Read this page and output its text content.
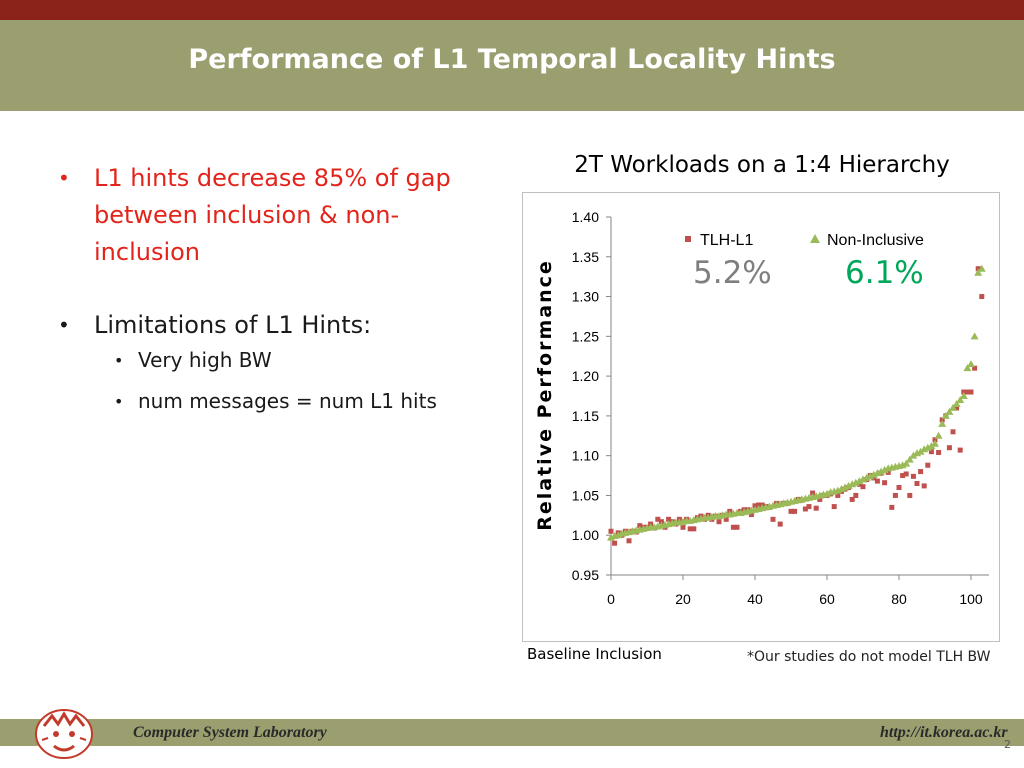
Performance of L1 Temporal Locality Hints
• L1 hints decrease 85% of gap between inclusion & non-inclusion
• Limitations of L1 Hints:
• Very high BW
• num messages = num L1 hits
2T Workloads on a 1:4 Hierarchy
0.95
1.00
1.05
1.10
1.15
1.20
1.25
1.30
1.35
1.40
0	20	40	60	80	100
TLH-L1	Non-Inclusive
Relative Performance	5.2% 6.1%
Baseline Inclusion	*Our studies do not model TLH BW
Computer System Laboratory	http://it.korea.ac.kr
2
